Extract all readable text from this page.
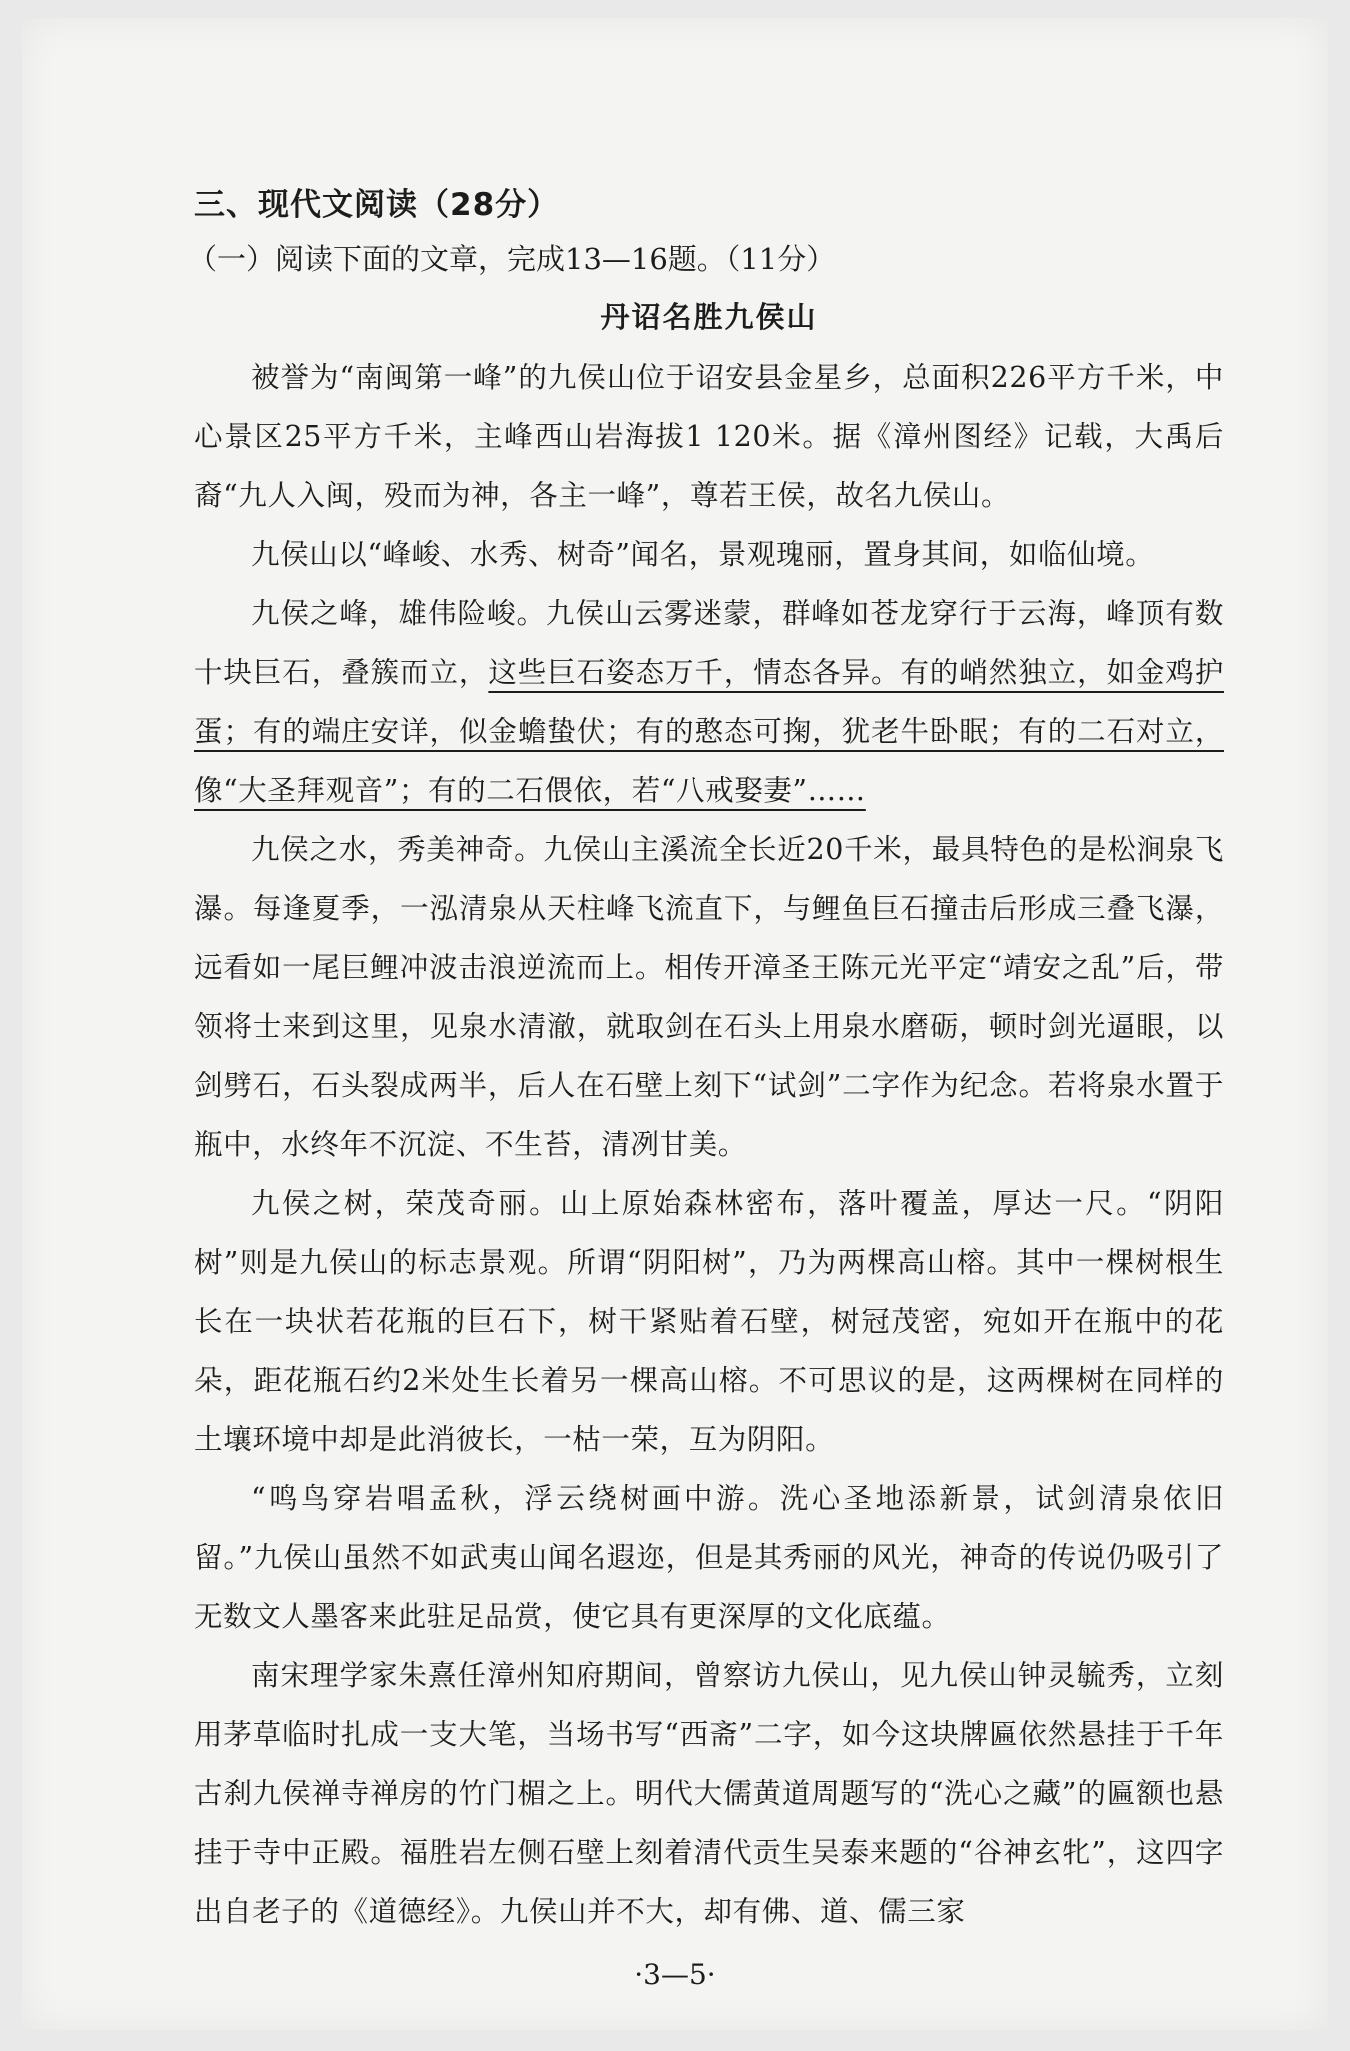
三、现代文阅读（28分）
（一）阅读下面的文章，完成13—16题。（11分）
丹诏名胜九侯山

被誉为“南闽第一峰”的九侯山位于诏安县金星乡，总面积226平方千米，中心景区25平方千米，主峰西山岩海拔1 120米。据《漳州图经》记载，大禹后裔“九人入闽，殁而为神，各主一峰”，尊若王侯，故名九侯山。

九侯山以“峰峻、水秀、树奇”闻名，景观瑰丽，置身其间，如临仙境。

九侯之峰，雄伟险峻。九侯山云雾迷蒙，群峰如苍龙穿行于云海，峰顶有数十块巨石，叠簇而立，这些巨石姿态万千，情态各异。有的峭然独立，如金鸡护蛋；有的端庄安详，似金蟾蛰伏；有的憨态可掬，犹老牛卧眠；有的二石对立，像“大圣拜观音”；有的二石偎依，若“八戒娶妻”……

九侯之水，秀美神奇。九侯山主溪流全长近20千米，最具特色的是松涧泉飞瀑。每逢夏季，一泓清泉从天柱峰飞流直下，与鲤鱼巨石撞击后形成三叠飞瀑，远看如一尾巨鲤冲波击浪逆流而上。相传开漳圣王陈元光平定“靖安之乱”后，带领将士来到这里，见泉水清澈，就取剑在石头上用泉水磨砺，顿时剑光逼眼，以剑劈石，石头裂成两半，后人在石壁上刻下“试剑”二字作为纪念。若将泉水置于瓶中，水终年不沉淀、不生苔，清冽甘美。

九侯之树，荣茂奇丽。山上原始森林密布，落叶覆盖，厚达一尺。“阴阳树”则是九侯山的标志景观。所谓“阴阳树”，乃为两棵高山榕。其中一棵树根生长在一块状若花瓶的巨石下，树干紧贴着石壁，树冠茂密，宛如开在瓶中的花朵，距花瓶石约2米处生长着另一棵高山榕。不可思议的是，这两棵树在同样的土壤环境中却是此消彼长，一枯一荣，互为阴阳。

“鸣鸟穿岩唱孟秋，浮云绕树画中游。洗心圣地添新景，试剑清泉依旧留。”九侯山虽然不如武夷山闻名遐迩，但是其秀丽的风光，神奇的传说仍吸引了无数文人墨客来此驻足品赏，使它具有更深厚的文化底蕴。

南宋理学家朱熹任漳州知府期间，曾察访九侯山，见九侯山钟灵毓秀，立刻用茅草临时扎成一支大笔，当场书写“西斋”二字，如今这块牌匾依然悬挂于千年古刹九侯禅寺禅房的竹门楣之上。明代大儒黄道周题写的“洗心之藏”的匾额也悬挂于寺中正殿。福胜岩左侧石壁上刻着清代贡生吴泰来题的“谷神玄牝”，这四字出自老子的《道德经》。九侯山并不大，却有佛、道、儒三家

·3—5·
